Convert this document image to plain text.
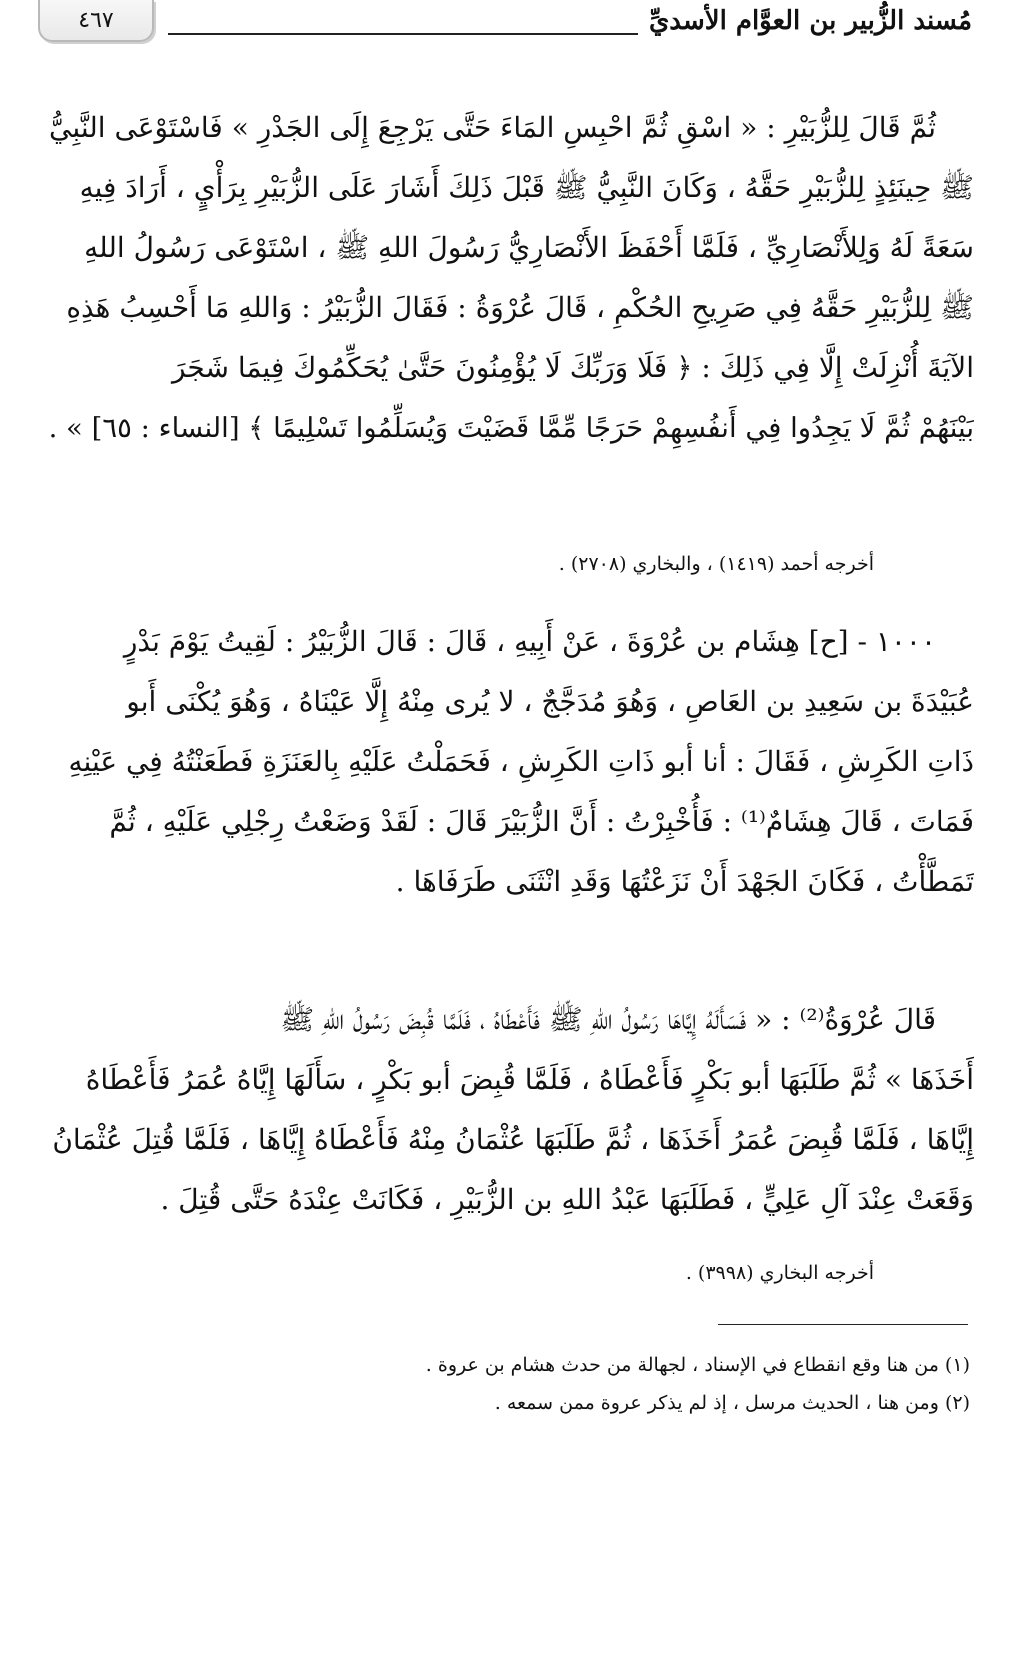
٤٦٧	مُسند الزُّبير بن العوَّام الأسديِّ
ثُمَّ قَالَ لِلزُّبَيْرِ : « اسْقِ ثُمَّ احْبِسِ المَاءَ حَتَّى يَرْجِعَ إِلَى الجَدْرِ » فَاسْتَوْعَى النَّبِيُّ
ﷺ حِينَئِذٍ لِلزُّبَيْرِ حَقَّهُ ، وَكَانَ النَّبِيُّ ﷺ قَبْلَ ذَلِكَ أَشَارَ عَلَى الزُّبَيْرِ بِرَأْيٍ ، أَرَادَ فِيهِ
سَعَةً لَهُ وَلِلأَنْصَارِيِّ ، فَلَمَّا أَحْفَظَ الأَنْصَارِيُّ رَسُولَ اللهِ ﷺ ، اسْتَوْعَى رَسُولُ اللهِ
ﷺ لِلزُّبَيْرِ حَقَّهُ فِي صَرِيحِ الحُكْمِ ، قَالَ عُرْوَةُ : فَقَالَ الزُّبَيْرُ : وَاللهِ مَا أَحْسِبُ هَذِهِ
الآيَةَ أُنْزِلَتْ إِلَّا فِي ذَلِكَ : ﴿ فَلَا وَرَبِّكَ لَا يُؤْمِنُونَ حَتَّىٰ يُحَكِّمُوكَ فِيمَا شَجَرَ
بَيْنَهُمْ ثُمَّ لَا يَجِدُوا فِي أَنفُسِهِمْ حَرَجًا مِّمَّا قَضَيْتَ وَيُسَلِّمُوا تَسْلِيمًا ﴾ [النساء : ٦٥] » .
أخرجه أحمد (١٤١٩) ، والبخاري (٢٧٠٨) .
١٠٠٠ - [ح] هِشَام بن عُرْوَةَ ، عَنْ أَبِيهِ ، قَالَ : قَالَ الزُّبَيْرُ : لَقِيتُ يَوْمَ بَدْرٍ
عُبَيْدَةَ بن سَعِيدِ بن العَاصِ ، وَهُوَ مُدَجَّجٌ ، لا يُرى مِنْهُ إِلَّا عَيْنَاهُ ، وَهُوَ يُكْنَى أَبو
ذَاتِ الكَرِشِ ، فَقَالَ : أنا أبو ذَاتِ الكَرِشِ ، فَحَمَلْتُ عَلَيْهِ بِالعَنَزَةِ فَطَعَنْتُهُ فِي عَيْنِهِ
فَمَاتَ ، قَالَ هِشَامٌ⁽¹⁾ : فَأُخْبِرْتُ : أَنَّ الزُّبَيْرَ قَالَ : لَقَدْ وَضَعْتُ رِجْلِي عَلَيْهِ ، ثُمَّ
تَمَطَّأْتُ ، فَكَانَ الجَهْدَ أَنْ نَزَعْتُهَا وَقَدِ انْثَنَى طَرَفَاهَا .
قَالَ عُرْوَةُ⁽²⁾ : « فَسَأَلَهُ إِيَّاهَا رَسُولُ اللهِ ﷺ فَأَعْطَاهُ ، فَلَمَّا قُبِضَ رَسُولُ اللهِ ﷺ
أَخَذَهَا » ثُمَّ طَلَبَهَا أبو بَكْرٍ فَأَعْطَاهُ ، فَلَمَّا قُبِضَ أبو بَكْرٍ ، سَأَلَهَا إِيَّاهُ عُمَرُ فَأَعْطَاهُ
إِيَّاهَا ، فَلَمَّا قُبِضَ عُمَرُ أَخَذَهَا ، ثُمَّ طَلَبَهَا عُثْمَانُ مِنْهُ فَأَعْطَاهُ إِيَّاهَا ، فَلَمَّا قُتِلَ عُثْمَانُ
وَقَعَتْ عِنْدَ آلِ عَلِيٍّ ، فَطَلَبَهَا عَبْدُ اللهِ بن الزُّبَيْرِ ، فَكَانَتْ عِنْدَهُ حَتَّى قُتِلَ .
أخرجه البخاري (٣٩٩٨) .
(١) من هنا وقع انقطاع في الإسناد ، لجهالة من حدث هشام بن عروة .
(٢) ومن هنا ، الحديث مرسل ، إذ لم يذكر عروة ممن سمعه .
